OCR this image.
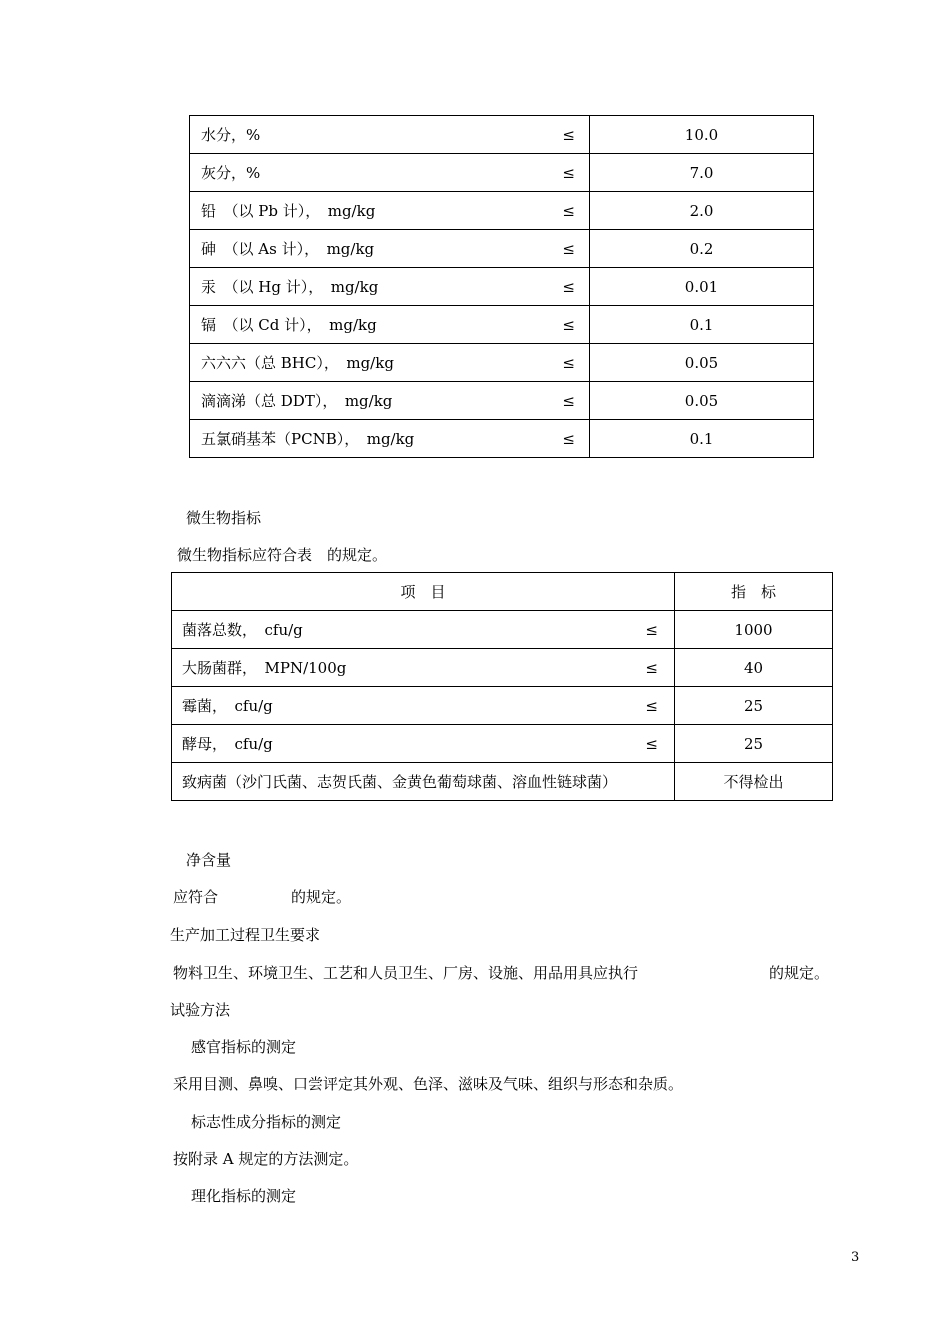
水分，% ≤	10.0
灰分，% ≤	7.0
铅　（以 Pb 计），　mg/kg ≤	2.0
砷　（以 As 计），　mg/kg ≤	0.2
汞　（以 Hg 计），　mg/kg ≤	0.01
镉　（以 Cd 计），　mg/kg ≤	0.1
六六六（总 BHC），　mg/kg ≤	0.05
滴滴涕（总 DDT），　mg/kg ≤	0.05
五氯硝基苯（PCNB），　mg/kg ≤	0.1
微生物指标
微生物指标应符合表　的规定。
项　目	指　标
菌落总数，　cfu/g ≤	1000
大肠菌群，　MPN/100g ≤	40
霉菌，　cfu/g ≤	25
酵母，　cfu/g ≤	25
致病菌（沙门氏菌、志贺氏菌、金黄色葡萄球菌、溶血性链球菌）	不得检出
净含量
应符合	的规定。
生产加工过程卫生要求
物料卫生、环境卫生、工艺和人员卫生、厂房、设施、用品用具应执行	的规定。
试验方法
感官指标的测定
采用目测、鼻嗅、口尝评定其外观、色泽、滋味及气味、组织与形态和杂质。
标志性成分指标的测定
按附录 A 规定的方法测定。
理化指标的测定
3
